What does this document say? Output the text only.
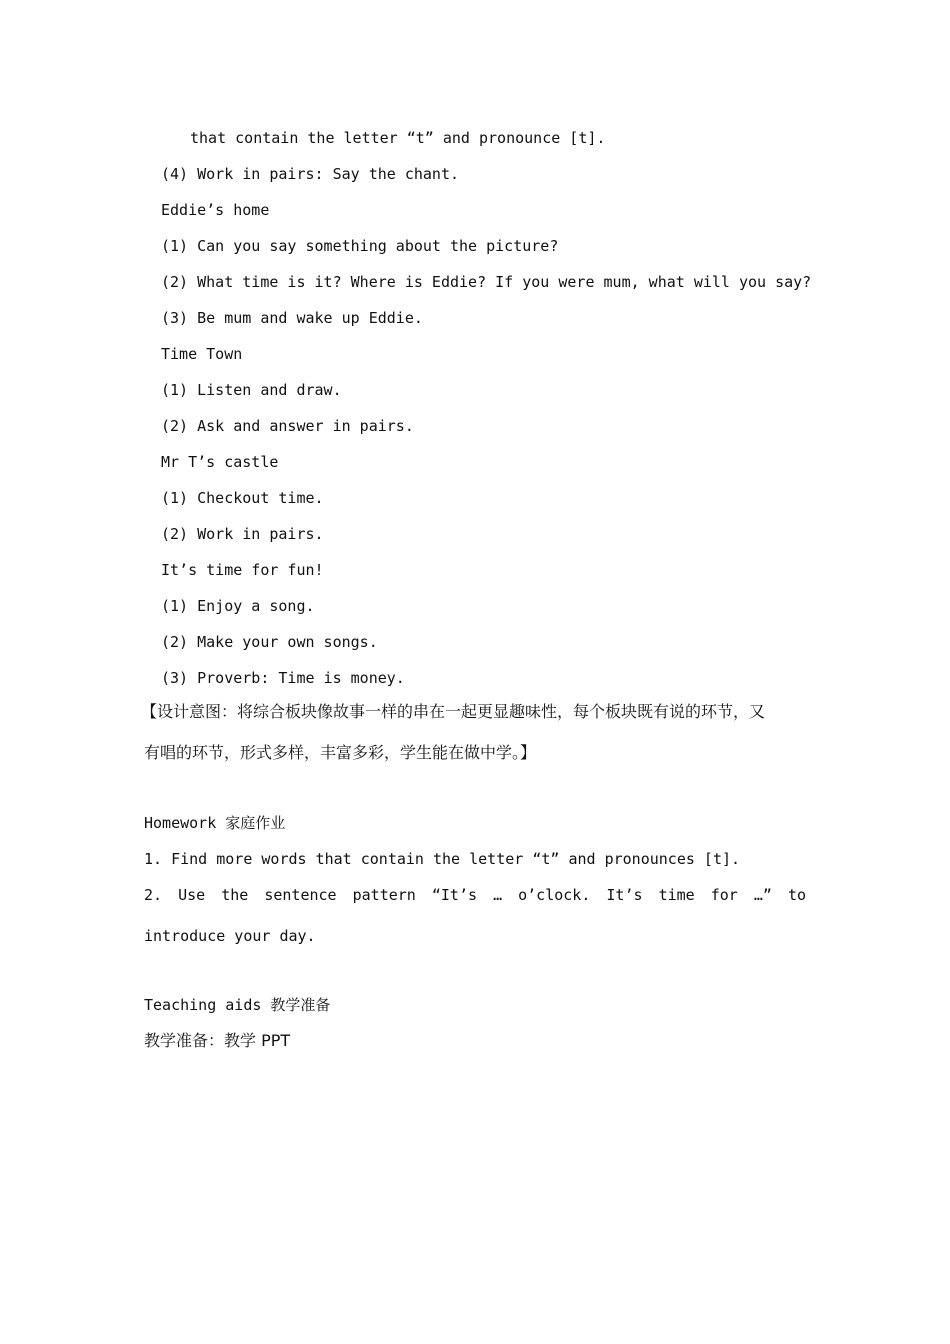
that contain the letter “t” and pronounce [t].
(4) Work in pairs: Say the chant.
Eddie’s home
(1) Can you say something about the picture?
(2) What time is it? Where is Eddie? If you were mum, what will you say?
(3) Be mum and wake up Eddie.
Time Town
(1) Listen and draw.
(2) Ask and answer in pairs.
Mr T’s castle
(1) Checkout time.
(2) Work in pairs.
It’s time for fun!
(1) Enjoy a song.
(2) Make your own songs.
(3) Proverb: Time is money.
【设计意图：将综合板块像故事一样的串在一起更显趣味性，每个板块既有说的环节，又
有唱的环节，形式多样，丰富多彩，学生能在做中学。】
Homework 家庭作业
1. Find more words that contain the letter “t” and pronounces [t].
2. Use the sentence pattern “It’s … o’clock. It’s time for …” to
introduce your day.
Teaching aids 教学准备
教学准备：教学 PPT
